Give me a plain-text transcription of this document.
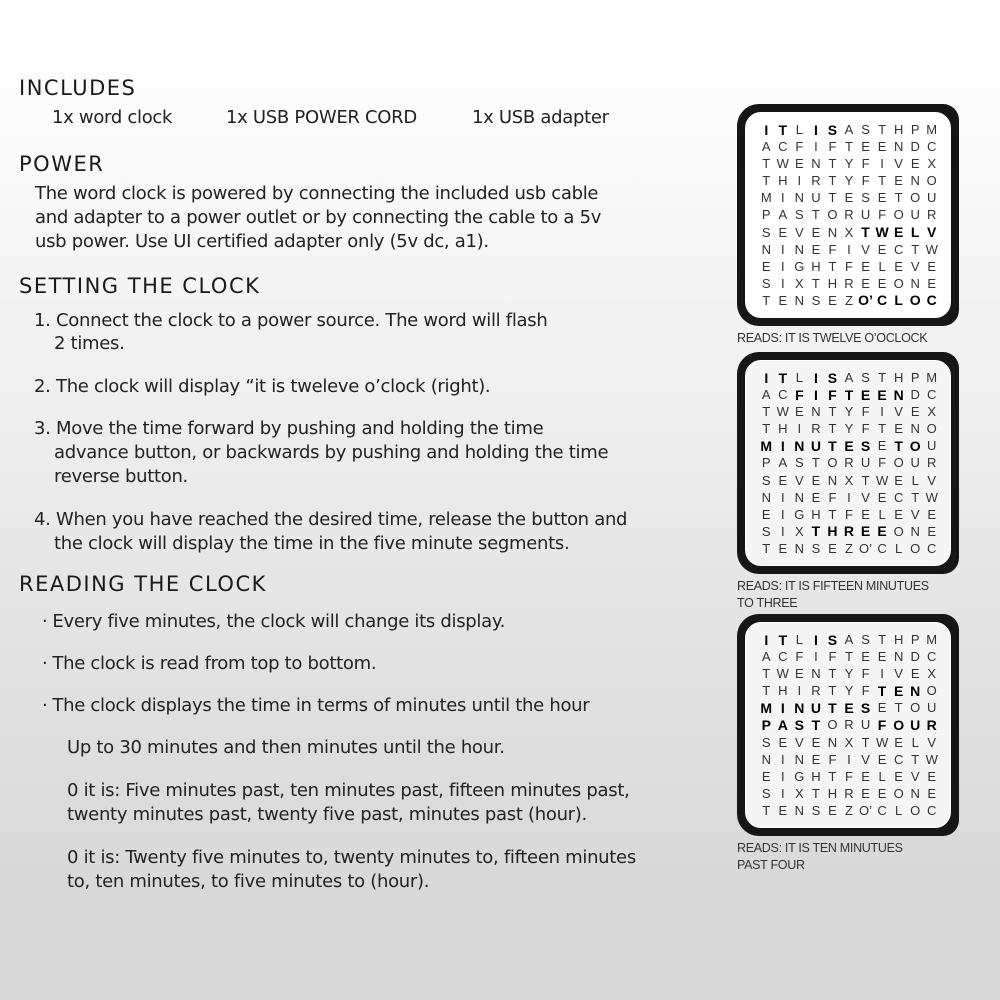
INCLUDES
1x word clock	1x USB POWER CORD	1x USB adapter
POWER
The word clock is powered by connecting the included usb cable
and adapter to a power outlet or by connecting the cable to a 5v
usb power. Use UI certified adapter only (5v dc, a1).
SETTING THE CLOCK
1. Connect the clock to a power source. The word will flash
2 times.
2. The clock will display “it is tweleve o’clock (right).
3. Move the time forward by pushing and holding the time
advance button, or backwards by pushing and holding the time
reverse button.
4. When you have reached the desired time, release the button and
the clock will display the time in the five minute segments.
READING THE CLOCK
· Every five minutes, the clock will change its display.
· The clock is read from top to bottom.
· The clock displays the time in terms of minutes until the hour
Up to 30 minutes and then minutes until the hour.
0 it is: Five minutes past, ten minutes past, fifteen minutes past,
twenty minutes past, twenty five past, minutes past (hour).
0 it is: Twenty five minutes to, twenty minutes to, fifteen minutes
to, ten minutes, to five minutes to (hour).
I T L I S A S T H P M
A C F I F T E E N D C
T W E N T Y F I V E X
T H I R T Y F T E N O
M I N U T E S E T O U
P A S T O R U F O U R
S E V E N X T W E L V
N I N E F I V E C T W
E I G H T F E L E V E
S I X T H R E E O N E
T E N S E Z O’ C L O C
READS: IT IS TWELVE O’OCLOCK
I T L I S A S T H P M
A C F I F T E E N D C
T W E N T Y F I V E X
T H I R T Y F T E N O
M I N U T E S E T O U
P A S T O R U F O U R
S E V E N X T W E L V
N I N E F I V E C T W
E I G H T F E L E V E
S I X T H R E E O N E
T E N S E Z O’ C L O C
READS: IT IS FIFTEEN MINUTUES
TO THREE
I T L I S A S T H P M
A C F I F T E E N D C
T W E N T Y F I V E X
T H I R T Y F T E N O
M I N U T E S E T O U
P A S T O R U F O U R
S E V E N X T W E L V
N I N E F I V E C T W
E I G H T F E L E V E
S I X T H R E E O N E
T E N S E Z O’ C L O C
READS: IT IS TEN MINUTUES
PAST FOUR
